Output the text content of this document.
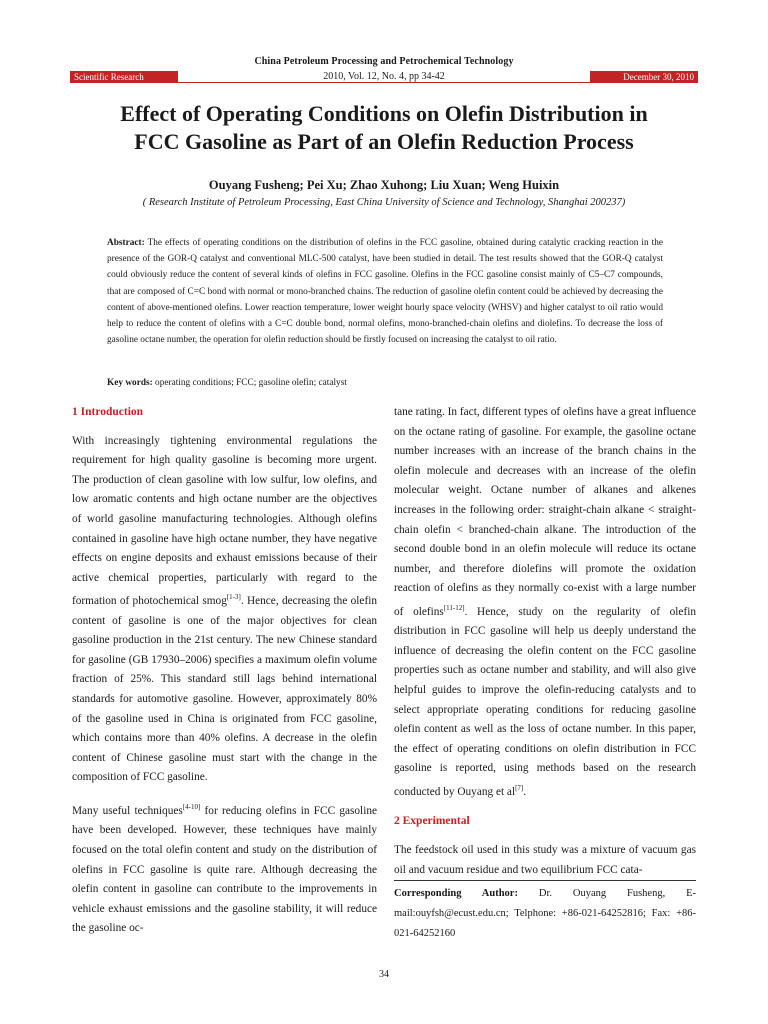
China Petroleum Processing and Petrochemical Technology
Scientific Research	2010, Vol. 12, No. 4, pp 34-42	December 30, 2010
Effect of Operating Conditions on Olefin Distribution in
FCC Gasoline as Part of an Olefin Reduction Process
Ouyang Fusheng; Pei Xu; Zhao Xuhong; Liu Xuan; Weng Huixin
( Research Institute of Petroleum Processing, East China University of Science and Technology, Shanghai 200237)
Abstract: The effects of operating conditions on the distribution of olefins in the FCC gasoline, obtained during catalytic cracking reaction in the presence of the GOR-Q catalyst and conventional MLC-500 catalyst, have been studied in detail. The test results showed that the GOR-Q catalyst could obviously reduce the content of several kinds of olefins in FCC gasoline. Olefins in the FCC gasoline consist mainly of C5–C7 compounds, that are composed of C=C bond with normal or mono-branched chains. The reduction of gasoline olefin content could be achieved by decreasing the content of above-mentioned olefins. Lower reaction temperature, lower weight hourly space velocity (WHSV) and higher catalyst to oil ratio would help to reduce the content of olefins with a C=C double bond, normal olefins, mono-branched-chain olefins and diolefins. To decrease the loss of gasoline octane number, the operation for olefin reduction should be firstly focused on increasing the catalyst to oil ratio.
Key words: operating conditions; FCC; gasoline olefin; catalyst
1 Introduction
With increasingly tightening environmental regulations the requirement for high quality gasoline is becoming more urgent. The production of clean gasoline with low sulfur, low olefins, and low aromatic contents and high octane number are the objectives of world gasoline manufacturing technologies. Although olefins contained in gasoline have high octane number, they have negative effects on engine deposits and exhaust emissions because of their active chemical properties, particularly with regard to the formation of photochemical smog[1-3]. Hence, decreasing the olefin content of gasoline is one of the major objectives for clean gasoline production in the 21st century. The new Chinese standard for gasoline (GB 17930–2006) specifies a maximum olefin volume fraction of 25%. This standard still lags behind international standards for automotive gasoline. However, approximately 80% of the gasoline used in China is originated from FCC gasoline, which contains more than 40% olefins. A decrease in the olefin content of Chinese gasoline must start with the change in the composition of FCC gasoline.
Many useful techniques[4-10] for reducing olefins in FCC gasoline have been developed. However, these techniques have mainly focused on the total olefin content and study on the distribution of olefins in FCC gasoline is quite rare. Although decreasing the olefin content in gasoline can contribute to the improvements in vehicle exhaust emissions and the gasoline stability, it will reduce the gasoline oc-
tane rating. In fact, different types of olefins have a great influence on the octane rating of gasoline. For example, the gasoline octane number increases with an increase of the branch chains in the olefin molecule and decreases with an increase of the olefin molecular weight. Octane number of alkanes and alkenes increases in the following order: straight-chain alkane < straight-chain olefin < branched-chain alkane. The introduction of the second double bond in an olefin molecule will reduce its octane number, and therefore diolefins will promote the oxidation reaction of olefins as they normally co-exist with a large number of olefins[11-12]. Hence, study on the regularity of olefin distribution in FCC gasoline will help us deeply understand the influence of decreasing the olefin content on the FCC gasoline properties such as octane number and stability, and will also give helpful guides to improve the olefin-reducing catalysts and to select appropriate operating conditions for reducing gasoline olefin content as well as the loss of octane number. In this paper, the effect of operating conditions on olefin distribution in FCC gasoline is reported, using methods based on the research conducted by Ouyang et al[7].
2 Experimental
The feedstock oil used in this study was a mixture of vacuum gas oil and vacuum residue and two equilibrium FCC cata-
Corresponding Author: Dr. Ouyang Fusheng, E-mail:ouyfsh@ecust.edu.cn; Telphone: +86-021-64252816; Fax: +86-021-64252160
34
